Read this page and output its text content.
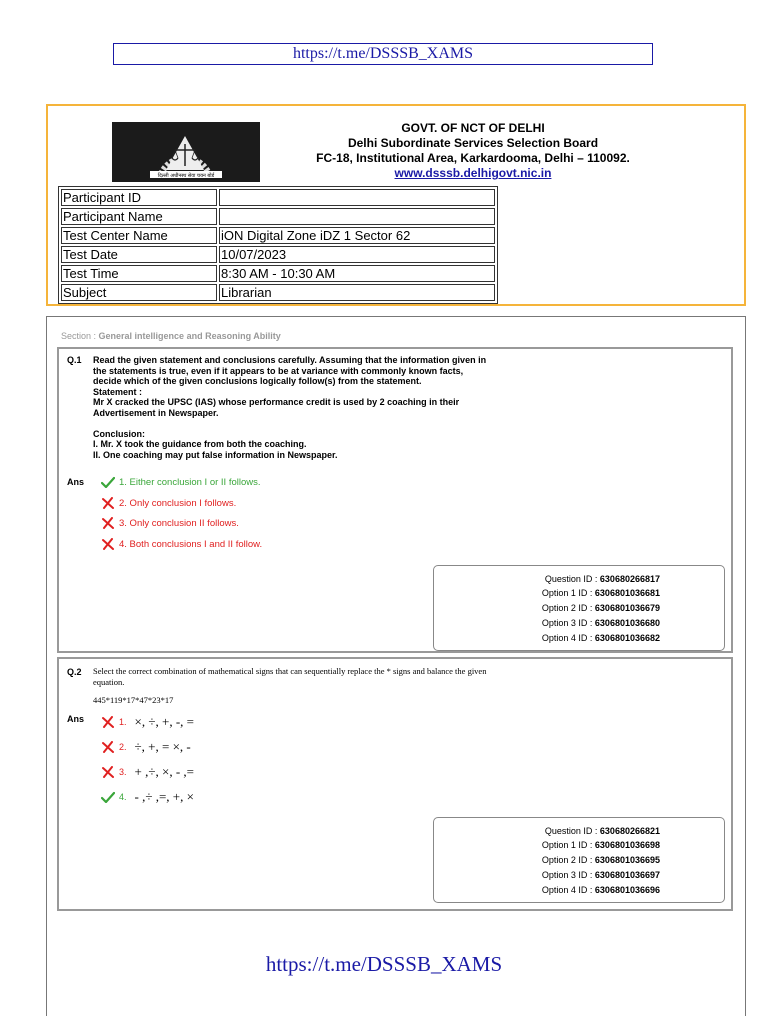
https://t.me/DSSSB_XAMS
दिल्ली अधीनस्थ सेवा चयन बोर्ड
GOVT. OF NCT OF DELHI
Delhi Subordinate Services Selection Board
FC-18, Institutional Area, Karkardooma, Delhi – 110092.
www.dsssb.delhigovt.nic.in
Participant ID	
Participant Name	
Test Center Name	iON Digital Zone iDZ 1 Sector 62
Test Date	10/07/2023
Test Time	8:30 AM - 10:30 AM
Subject	Librarian
Section : General intelligence and Reasoning Ability
Q.1 Read the given statement and conclusions carefully. Assuming that the information given in
the statements is true, even if it appears to be at variance with commonly known facts,
decide which of the given conclusions logically follow(s) from the statement.
Statement :
Mr X cracked the UPSC (IAS) whose performance credit is used by 2 coaching in their
Advertisement in Newspaper.
Conclusion:
I. Mr. X took the guidance from both the coaching.
II. One coaching may put false information in Newspaper.
Ans	1. Either conclusion I or II follows.
2. Only conclusion I follows.
3. Only conclusion II follows.
4. Both conclusions I and II follow.
Question ID : 630680266817
Option 1 ID : 6306801036681
Option 2 ID : 6306801036679
Option 3 ID : 6306801036680
Option 4 ID : 6306801036682
Q.2 Select the correct combination of mathematical signs that can sequentially replace the * signs and balance the given
equation.
445*119*17*47*23*17
Ans	1. ×, ÷, +, -, =
2. ÷, +, = ×, -
3. + ,÷, ×, - ,=
4. - ,÷ ,=, +, ×
Question ID : 630680266821
Option 1 ID : 6306801036698
Option 2 ID : 6306801036695
Option 3 ID : 6306801036697
Option 4 ID : 6306801036696
https://t.me/DSSSB_XAMS
